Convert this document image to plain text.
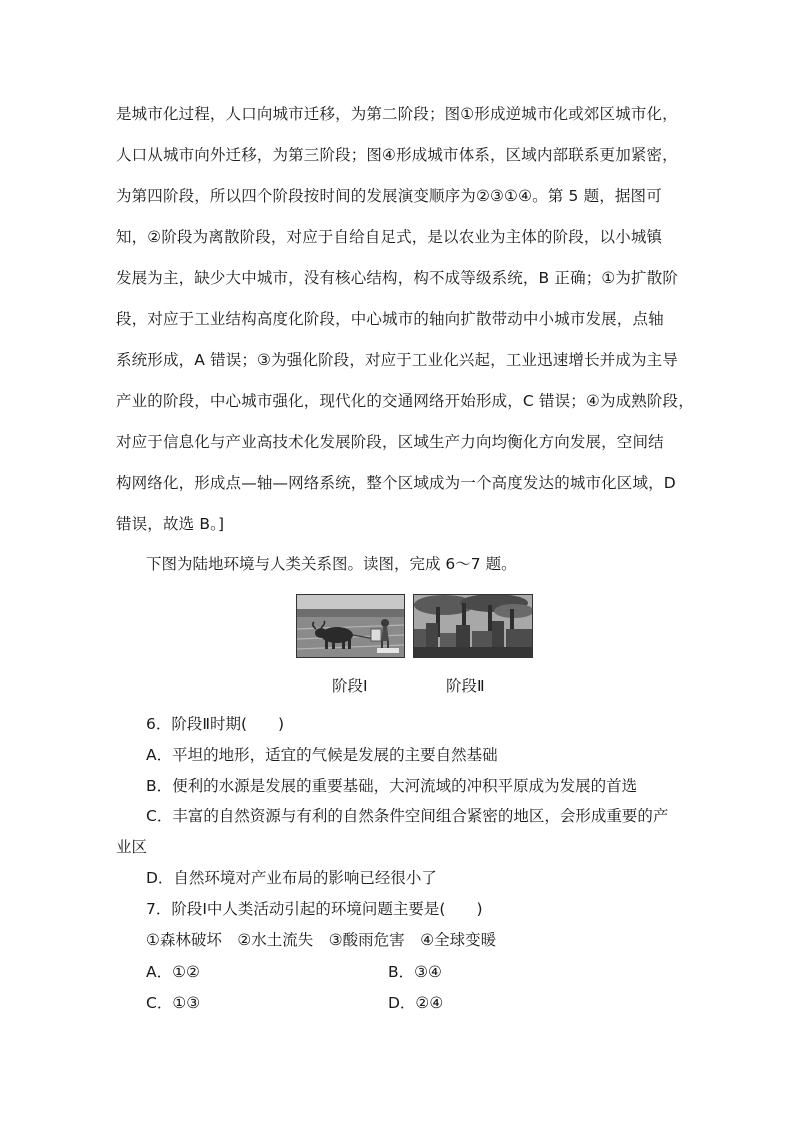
是城市化过程，人口向城市迁移，为第二阶段；图①形成逆城市化或郊区城市化，
人口从城市向外迁移，为第三阶段；图④形成城市体系，区域内部联系更加紧密，
为第四阶段，所以四个阶段按时间的发展演变顺序为②③①④。第 5 题，据图可
知，②阶段为离散阶段，对应于自给自足式，是以农业为主体的阶段，以小城镇
发展为主，缺少大中城市，没有核心结构，构不成等级系统，B 正确；①为扩散阶
段，对应于工业结构高度化阶段，中心城市的轴向扩散带动中小城市发展，点轴
系统形成，A 错误；③为强化阶段，对应于工业化兴起，工业迅速增长并成为主导
产业的阶段，中心城市强化，现代化的交通网络开始形成，C 错误；④为成熟阶段，
对应于信息化与产业高技术化发展阶段，区域生产力向均衡化方向发展，空间结
构网络化，形成点—轴—网络系统，整个区域成为一个高度发达的城市化区域，D
错误，故选 B。]
下图为陆地环境与人类关系图。读图，完成 6～7 题。
阶段Ⅰ	阶段Ⅱ
6．阶段Ⅱ时期(　　)
A．平坦的地形，适宜的气候是发展的主要自然基础
B．便利的水源是发展的重要基础，大河流域的冲积平原成为发展的首选
C．丰富的自然资源与有利的自然条件空间组合紧密的地区，会形成重要的产
业区
D．自然环境对产业布局的影响已经很小了
7．阶段Ⅰ中人类活动引起的环境问题主要是(　　)
①森林破坏　②水土流失　③酸雨危害　④全球变暖
A．①②	B．③④
C．①③	D．②④
